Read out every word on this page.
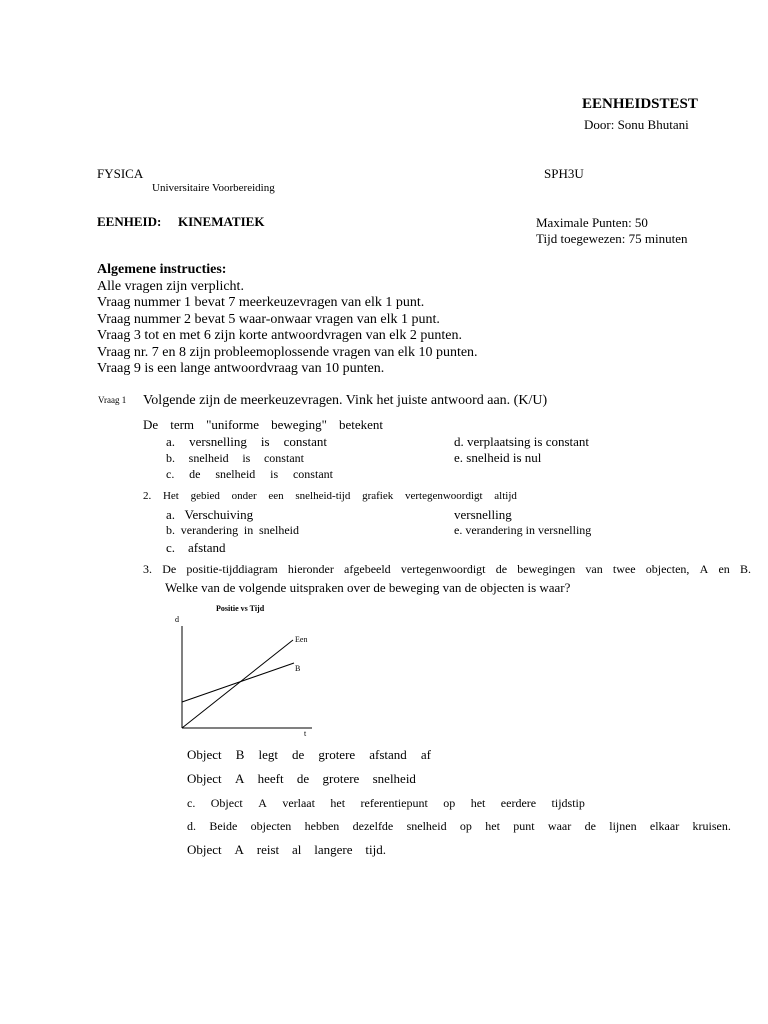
EENHEIDSTEST
Door: Sonu Bhutani
FYSICA	SPH3U
Universitaire Voorbereiding
EENHEID: KINEMATIEK	Maximale Punten: 50
Tijd toegewezen: 75 minuten
Algemene instructies:
Alle vragen zijn verplicht.
Vraag nummer 1 bevat 7 meerkeuzevragen van elk 1 punt.
Vraag nummer 2 bevat 5 waar-onwaar vragen van elk 1 punt.
Vraag 3 tot en met 6 zijn korte antwoordvragen van elk 2 punten.
Vraag nr. 7 en 8 zijn probleemoplossende vragen van elk 10 punten.
Vraag 9 is een lange antwoordvraag van 10 punten.
Vraag 1 Volgende zijn de meerkeuzevragen. Vink het juiste antwoord aan. (K/U)
De term "uniforme beweging" betekent
a. versnelling is constant
b. snelheid is constant
c. de snelheid is constant
d. verplaatsing is constant
e. snelheid is nul
2. Het gebied onder een snelheid-tijd grafiek vertegenwoordigt altijd
a.   Verschuiving
b. verandering in snelheid
c.    afstand
versnelling
e. verandering in versnelling
3. De positie-tijddiagram hieronder afgebeeld vertegenwoordigt de bewegingen van twee objecten, A en B.
Welke van de volgende uitspraken over de beweging van de objecten is waar?
Positie vs Tijd
d
t
Een
B
Object B legt de grotere afstand af
Object A heeft de grotere snelheid
c. Object A verlaat het referentiepunt op het eerdere tijdstip
d. Beide objecten hebben dezelfde snelheid op het punt waar de lijnen elkaar kruisen.
Object A reist al langere tijd.
